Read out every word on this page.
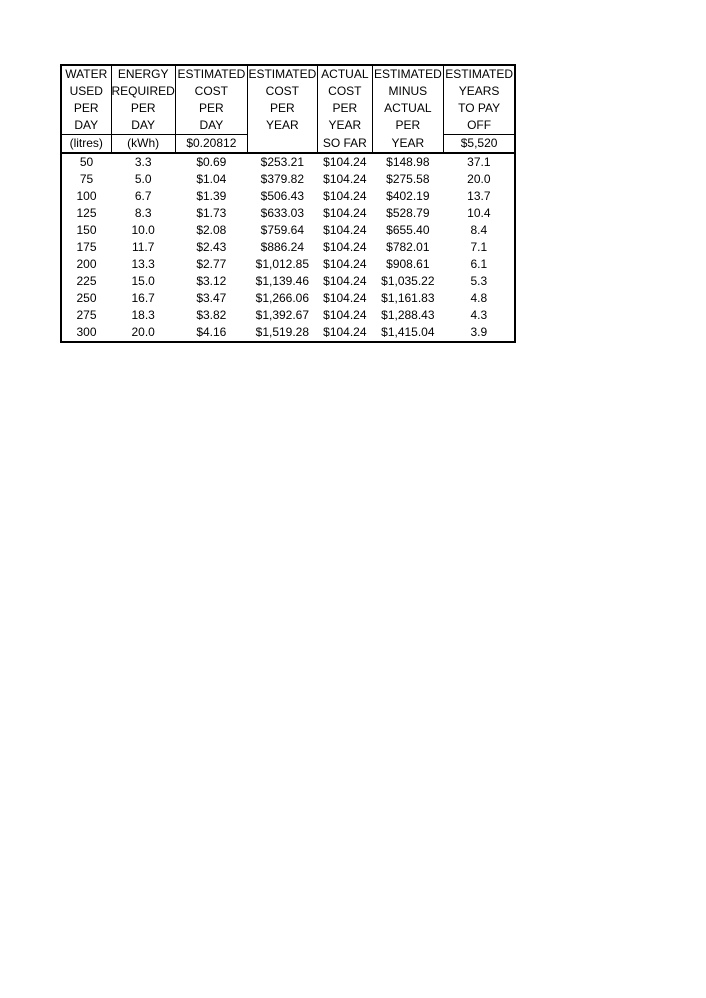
WATER	ENERGY	ESTIMATED	ESTIMATED	ACTUAL	ESTIMATED	ESTIMATED
USED	REQUIRED	COST	COST	COST	MINUS	YEARS
PER	PER	PER	PER	PER	ACTUAL	TO PAY
DAY	DAY	DAY	YEAR	YEAR	PER	OFF
(litres)	(kWh)	$0.20812		SO FAR	YEAR	$5,520
50	3.3	$0.69	$253.21	$104.24	$148.98	37.1
75	5.0	$1.04	$379.82	$104.24	$275.58	20.0
100	6.7	$1.39	$506.43	$104.24	$402.19	13.7
125	8.3	$1.73	$633.03	$104.24	$528.79	10.4
150	10.0	$2.08	$759.64	$104.24	$655.40	8.4
175	11.7	$2.43	$886.24	$104.24	$782.01	7.1
200	13.3	$2.77	$1,012.85	$104.24	$908.61	6.1
225	15.0	$3.12	$1,139.46	$104.24	$1,035.22	5.3
250	16.7	$3.47	$1,266.06	$104.24	$1,161.83	4.8
275	18.3	$3.82	$1,392.67	$104.24	$1,288.43	4.3
300	20.0	$4.16	$1,519.28	$104.24	$1,415.04	3.9
